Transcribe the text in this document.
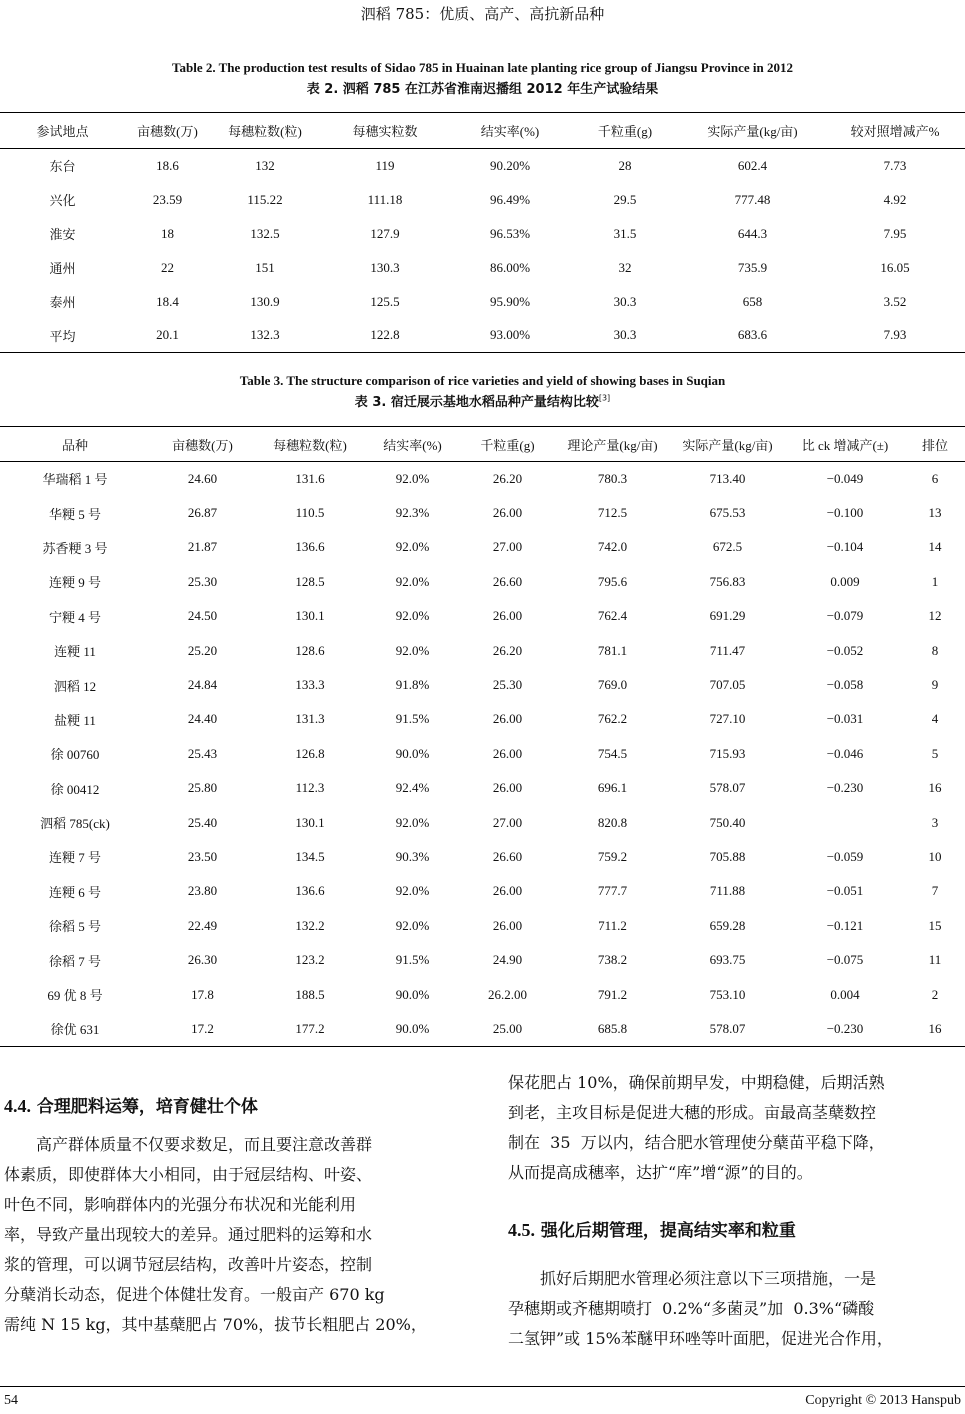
泗稻 785：优质、高产、高抗新品种
Table 2. The production test results of Sidao 785 in Huainan late planting rice group of Jiangsu Province in 2012
表 2. 泗稻 785 在江苏省淮南迟播组 2012 年生产试验结果
参试地点	亩穗数(万)	每穗粒数(粒)	每穗实粒数	结实率(%)	千粒重(g)	实际产量(kg/亩)	较对照增减产%
东台	18.6	132	119	90.20%	28	602.4	7.73
兴化	23.59	115.22	111.18	96.49%	29.5	777.48	4.92
淮安	18	132.5	127.9	96.53%	31.5	644.3	7.95
通州	22	151	130.3	86.00%	32	735.9	16.05
泰州	18.4	130.9	125.5	95.90%	30.3	658	3.52
平均	20.1	132.3	122.8	93.00%	30.3	683.6	7.93
Table 3. The structure comparison of rice varieties and yield of showing bases in Suqian
表 3. 宿迁展示基地水稻品种产量结构比较[3]
品种	亩穗数(万)	每穗粒数(粒)	结实率(%)	千粒重(g)	理论产量(kg/亩)	实际产量(kg/亩)	比 ck 增减产(±)	排位
华瑞稻 1 号	24.60	131.6	92.0%	26.20	780.3	713.40	−0.049	6
华粳 5 号	26.87	110.5	92.3%	26.00	712.5	675.53	−0.100	13
苏香粳 3 号	21.87	136.6	92.0%	27.00	742.0	672.5	−0.104	14
连粳 9 号	25.30	128.5	92.0%	26.60	795.6	756.83	0.009	1
宁粳 4 号	24.50	130.1	92.0%	26.00	762.4	691.29	−0.079	12
连粳 11	25.20	128.6	92.0%	26.20	781.1	711.47	−0.052	8
泗稻 12	24.84	133.3	91.8%	25.30	769.0	707.05	−0.058	9
盐粳 11	24.40	131.3	91.5%	26.00	762.2	727.10	−0.031	4
徐 00760	25.43	126.8	90.0%	26.00	754.5	715.93	−0.046	5
徐 00412	25.80	112.3	92.4%	26.00	696.1	578.07	−0.230	16
泗稻 785(ck)	25.40	130.1	92.0%	27.00	820.8	750.40		3
连粳 7 号	23.50	134.5	90.3%	26.60	759.2	705.88	−0.059	10
连粳 6 号	23.80	136.6	92.0%	26.00	777.7	711.88	−0.051	7
徐稻 5 号	22.49	132.2	92.0%	26.00	711.2	659.28	−0.121	15
徐稻 7 号	26.30	123.2	91.5%	24.90	738.2	693.75	−0.075	11
69 优 8 号	17.8	188.5	90.0%	26.2.00	791.2	753.10	0.004	2
徐优 631	17.2	177.2	90.0%	25.00	685.8	578.07	−0.230	16
4.4. 合理肥料运筹，培育健壮个体
　　高产群体质量不仅要求数足，而且要注意改善群
体素质，即使群体大小相同，由于冠层结构、叶姿、
叶色不同，影响群体内的光强分布状况和光能利用
率，导致产量出现较大的差异。通过肥料的运筹和水
浆的管理，可以调节冠层结构，改善叶片姿态，控制
分蘖消长动态，促进个体健壮发育。一般亩产 670 kg
需纯 N 15 kg，其中基蘖肥占 70%，拔节长粗肥占 20%，
保花肥占 10%，确保前期早发，中期稳健，后期活熟
到老，主攻目标是促进大穗的形成。亩最高茎蘖数控
制在  35  万以内，结合肥水管理使分蘖苗平稳下降，
从而提高成穗率，达扩“库”增“源”的目的。
4.5. 强化后期管理，提高结实率和粒重
　　抓好后期肥水管理必须注意以下三项措施，一是
孕穗期或齐穗期喷打  0.2%“多菌灵”加  0.3%“磷酸
二氢钾”或 15%苯醚甲环唑等叶面肥，促进光合作用，
54	Copyright © 2013 Hanspub
